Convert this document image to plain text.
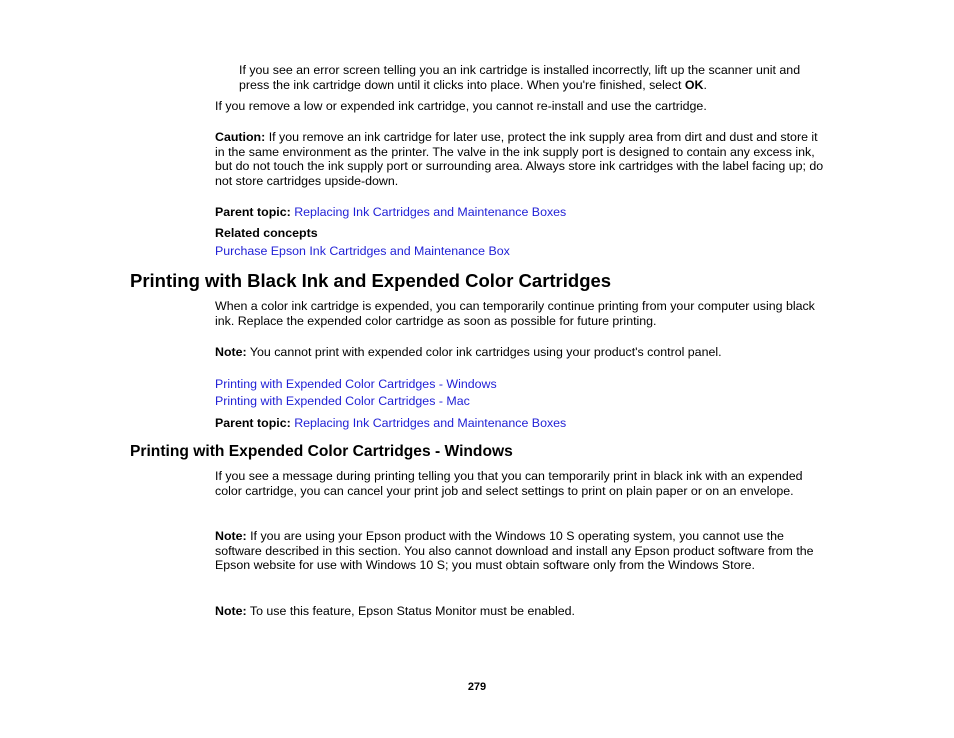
If you see an error screen telling you an ink cartridge is installed incorrectly, lift up the scanner unit and press the ink cartridge down until it clicks into place. When you're finished, select OK.

If you remove a low or expended ink cartridge, you cannot re-install and use the cartridge.

Caution: If you remove an ink cartridge for later use, protect the ink supply area from dirt and dust and store it in the same environment as the printer. The valve in the ink supply port is designed to contain any excess ink, but do not touch the ink supply port or surrounding area. Always store ink cartridges with the label facing up; do not store cartridges upside-down.

Parent topic: Replacing Ink Cartridges and Maintenance Boxes

Related concepts

Purchase Epson Ink Cartridges and Maintenance Box

Printing with Black Ink and Expended Color Cartridges

When a color ink cartridge is expended, you can temporarily continue printing from your computer using black ink. Replace the expended color cartridge as soon as possible for future printing.

Note: You cannot print with expended color ink cartridges using your product's control panel.

Printing with Expended Color Cartridges - Windows

Printing with Expended Color Cartridges - Mac

Parent topic: Replacing Ink Cartridges and Maintenance Boxes

Printing with Expended Color Cartridges - Windows

If you see a message during printing telling you that you can temporarily print in black ink with an expended color cartridge, you can cancel your print job and select settings to print on plain paper or on an envelope.

Note: If you are using your Epson product with the Windows 10 S operating system, you cannot use the software described in this section. You also cannot download and install any Epson product software from the Epson website for use with Windows 10 S; you must obtain software only from the Windows Store.

Note: To use this feature, Epson Status Monitor must be enabled.

279
